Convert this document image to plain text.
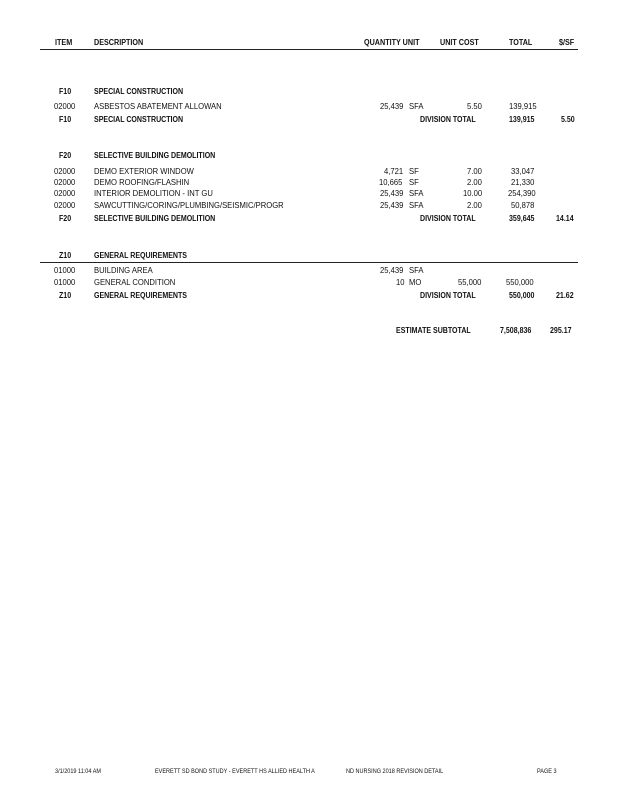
ITEM	DESCRIPTION	QUANTITY UNIT	UNIT COST	TOTAL	$/SF
F10	SPECIAL CONSTRUCTION
02000 ASBESTOS ABATEMENT ALLOWAN	25,439 SFA	5.50	139,915
F10	SPECIAL CONSTRUCTION	DIVISION TOTAL	139,915	5.50
F20	SELECTIVE BUILDING DEMOLITION
02000 DEMO EXTERIOR WINDOW	4,721 SF	7.00	33,047
02000 DEMO ROOFING/FLASHIN	10,665 SF	2.00	21,330
02000 INTERIOR DEMOLITION - INT GU	25,439 SFA	10.00	254,390
02000 SAWCUTTING/CORING/PLUMBING/SEISMIC/PROGR	25,439 SFA	2.00	50,878
F20	SELECTIVE BUILDING DEMOLITION	DIVISION TOTAL	359,645	14.14
Z10	GENERAL REQUIREMENTS
01000 BUILDING AREA	25,439 SFA
01000 GENERAL CONDITION	10 MO	55,000	550,000
Z10	GENERAL REQUIREMENTS	DIVISION TOTAL	550,000	21.62
ESTIMATE SUBTOTAL	7,508,836 295.17
3/1/2019 11:04 AM	EVERETT SD BOND STUDY - EVERETT HS ALLIED HEALTH A	ND NURSING 2018 REVISION DETAIL	PAGE 3
